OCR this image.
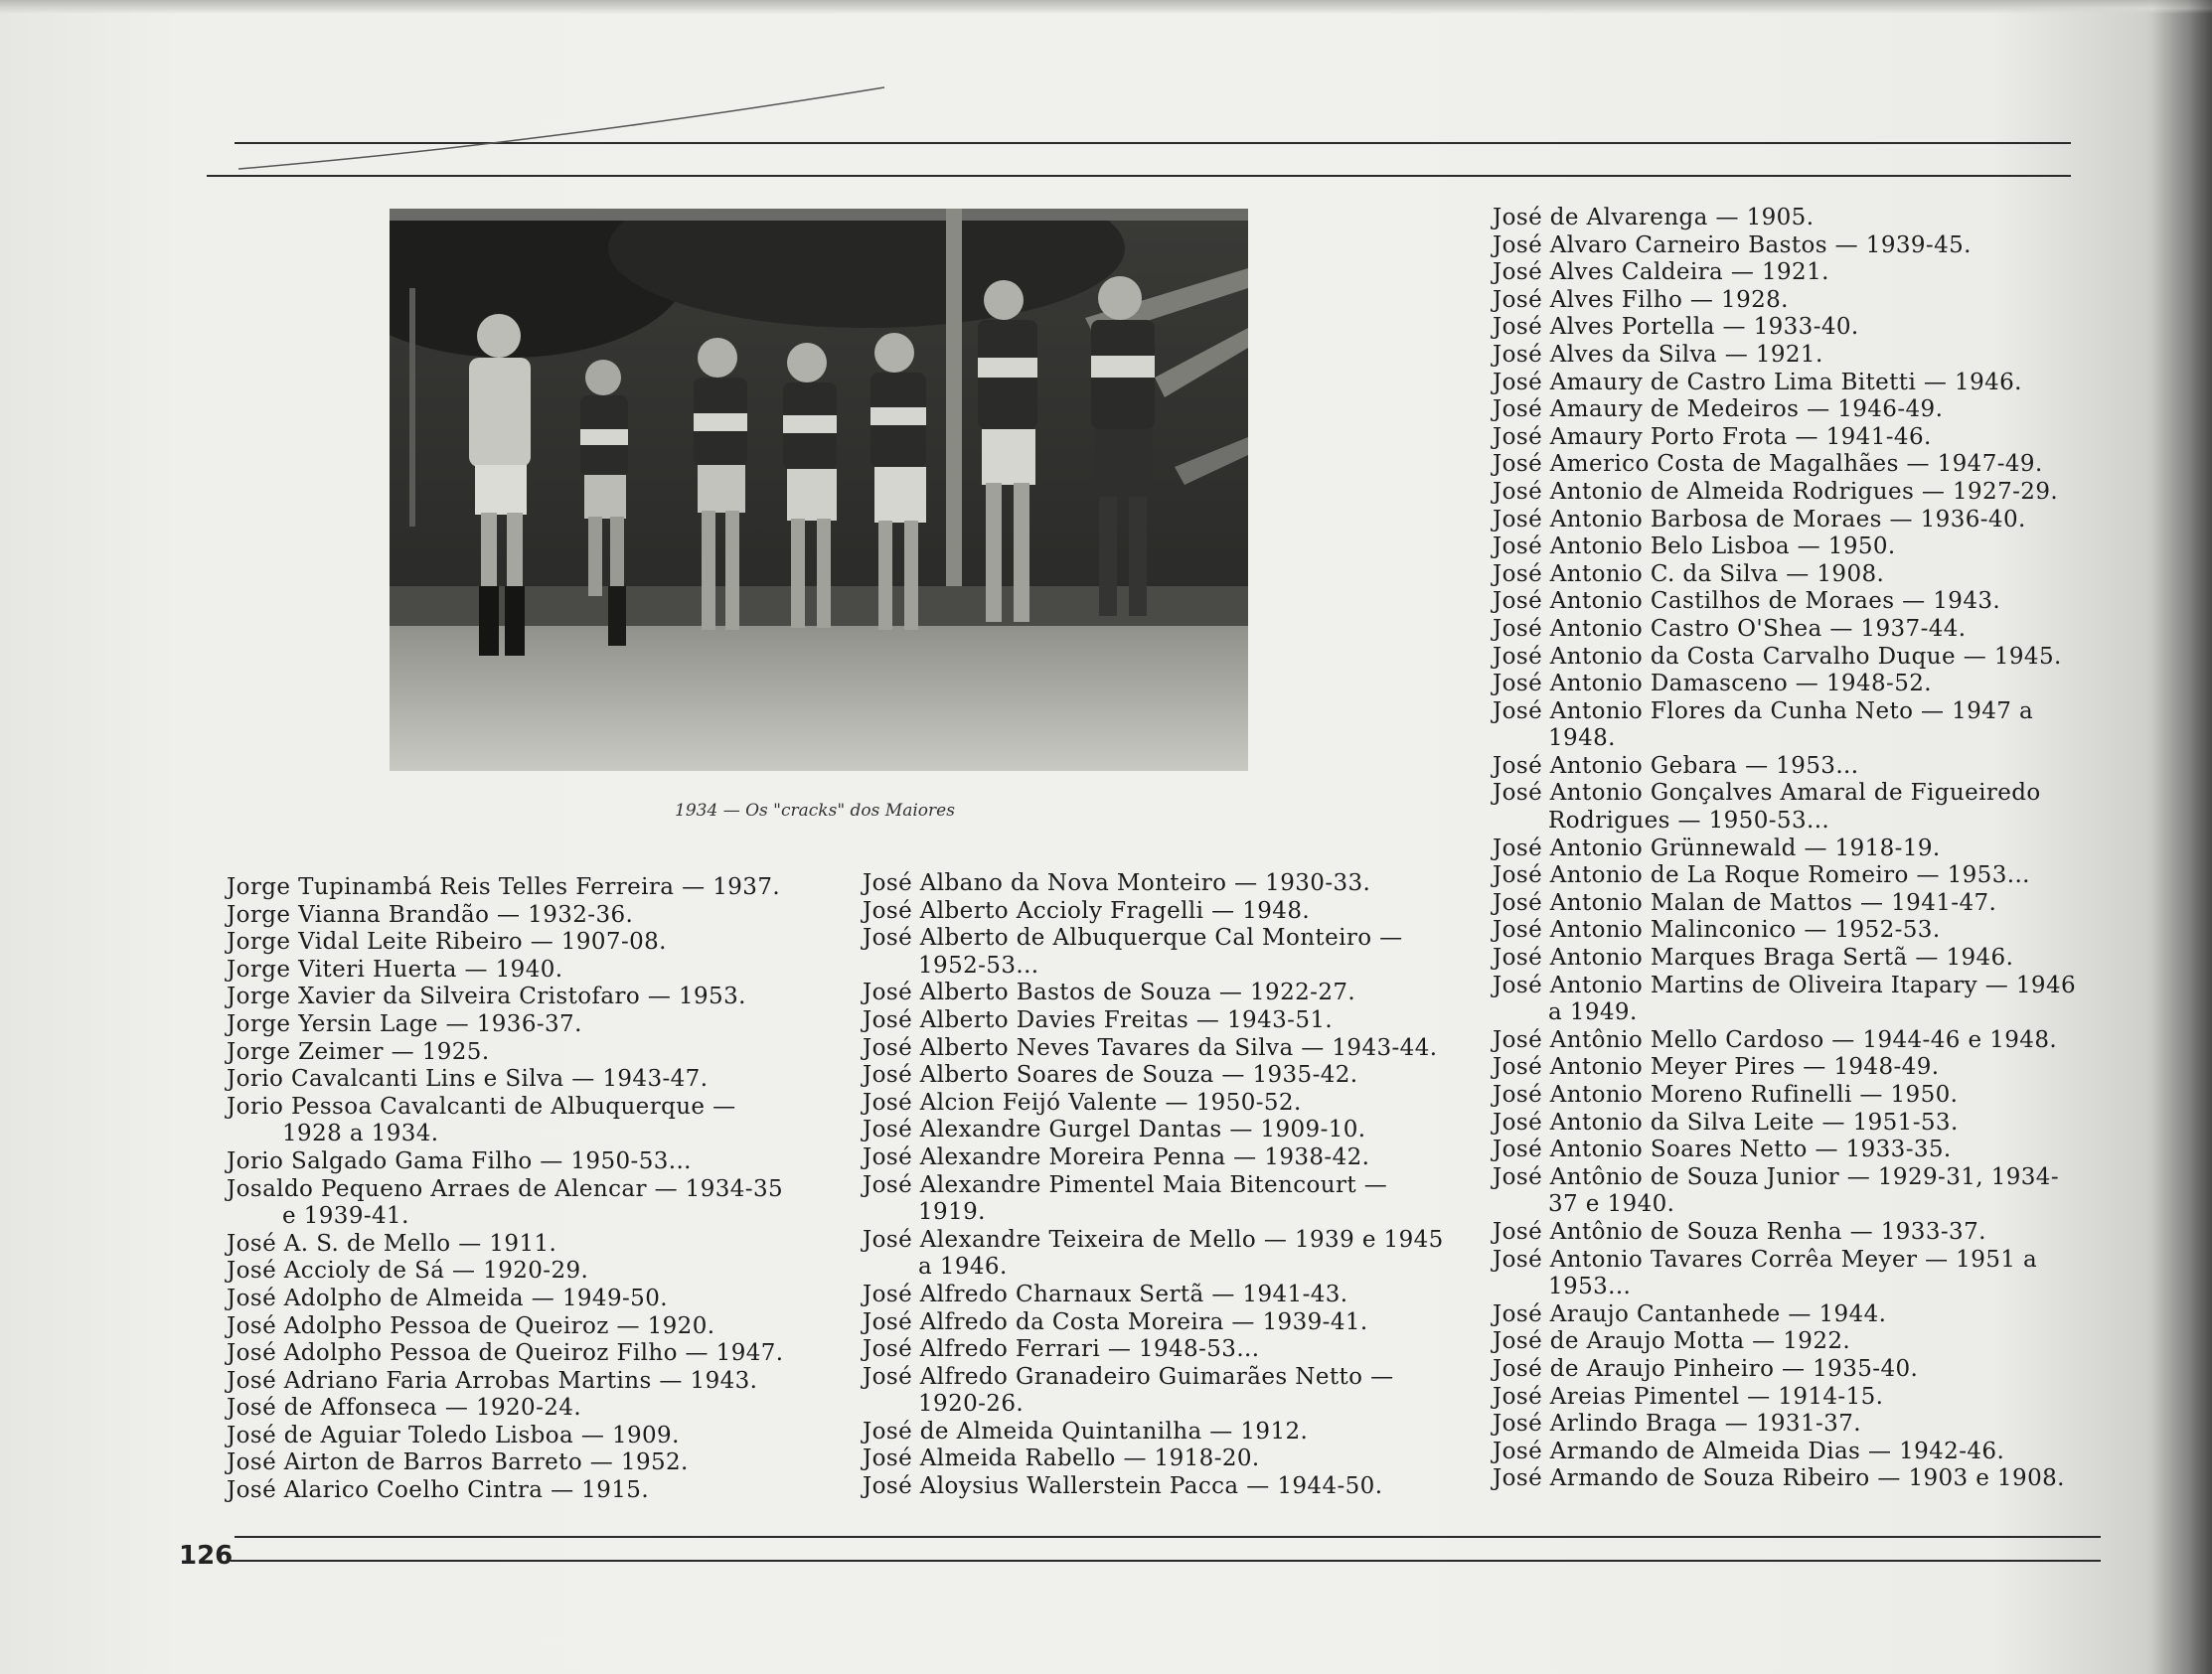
1934 — Os "cracks" dos Maiores
Jorge Tupinambá Reis Telles Ferreira — 1937.
Jorge Vianna Brandão — 1932-36.
Jorge Vidal Leite Ribeiro — 1907-08.
Jorge Viteri Huerta — 1940.
Jorge Xavier da Silveira Cristofaro — 1953.
Jorge Yersin Lage — 1936-37.
Jorge Zeimer — 1925.
Jorio Cavalcanti Lins e Silva — 1943-47.
Jorio Pessoa Cavalcanti de Albuquerque — 1928 a 1934.
Jorio Salgado Gama Filho — 1950-53...
Josaldo Pequeno Arraes de Alencar — 1934-35 e 1939-41.
José A. S. de Mello — 1911.
José Accioly de Sá — 1920-29.
José Adolpho de Almeida — 1949-50.
José Adolpho Pessoa de Queiroz — 1920.
José Adolpho Pessoa de Queiroz Filho — 1947.
José Adriano Faria Arrobas Martins — 1943.
José de Affonseca — 1920-24.
José de Aguiar Toledo Lisboa — 1909.
José Airton de Barros Barreto — 1952.
José Alarico Coelho Cintra — 1915.
José Albano da Nova Monteiro — 1930-33.
José Alberto Accioly Fragelli — 1948.
José Alberto de Albuquerque Cal Monteiro — 1952-53...
José Alberto Bastos de Souza — 1922-27.
José Alberto Davies Freitas — 1943-51.
José Alberto Neves Tavares da Silva — 1943-44.
José Alberto Soares de Souza — 1935-42.
José Alcion Feijó Valente — 1950-52.
José Alexandre Gurgel Dantas — 1909-10.
José Alexandre Moreira Penna — 1938-42.
José Alexandre Pimentel Maia Bitencourt — 1919.
José Alexandre Teixeira de Mello — 1939 e 1945 a 1946.
José Alfredo Charnaux Sertã — 1941-43.
José Alfredo da Costa Moreira — 1939-41.
José Alfredo Ferrari — 1948-53...
José Alfredo Granadeiro Guimarães Netto — 1920-26.
José de Almeida Quintanilha — 1912.
José Almeida Rabello — 1918-20.
José Aloysius Wallerstein Pacca — 1944-50.
José de Alvarenga — 1905.
José Alvaro Carneiro Bastos — 1939-45.
José Alves Caldeira — 1921.
José Alves Filho — 1928.
José Alves Portella — 1933-40.
José Alves da Silva — 1921.
José Amaury de Castro Lima Bitetti — 1946.
José Amaury de Medeiros — 1946-49.
José Amaury Porto Frota — 1941-46.
José Americo Costa de Magalhães — 1947-49.
José Antonio de Almeida Rodrigues — 1927-29.
José Antonio Barbosa de Moraes — 1936-40.
José Antonio Belo Lisboa — 1950.
José Antonio C. da Silva — 1908.
José Antonio Castilhos de Moraes — 1943.
José Antonio Castro O'Shea — 1937-44.
José Antonio da Costa Carvalho Duque — 1945.
José Antonio Damasceno — 1948-52.
José Antonio Flores da Cunha Neto — 1947 a 1948.
José Antonio Gebara — 1953...
José Antonio Gonçalves Amaral de Figueiredo Rodrigues — 1950-53...
José Antonio Grünnewald — 1918-19.
José Antonio de La Roque Romeiro — 1953...
José Antonio Malan de Mattos — 1941-47.
José Antonio Malinconico — 1952-53.
José Antonio Marques Braga Sertã — 1946.
José Antonio Martins de Oliveira Itapary — 1946 a 1949.
José Antônio Mello Cardoso — 1944-46 e 1948.
José Antonio Meyer Pires — 1948-49.
José Antonio Moreno Rufinelli — 1950.
José Antonio da Silva Leite — 1951-53.
José Antonio Soares Netto — 1933-35.
José Antônio de Souza Junior — 1929-31, 1934-37 e 1940.
José Antônio de Souza Renha — 1933-37.
José Antonio Tavares Corrêa Meyer — 1951 a 1953...
José Araujo Cantanhede — 1944.
José de Araujo Motta — 1922.
José de Araujo Pinheiro — 1935-40.
José Areias Pimentel — 1914-15.
José Arlindo Braga — 1931-37.
José Armando de Almeida Dias — 1942-46.
José Armando de Souza Ribeiro — 1903 e 1908.
126
